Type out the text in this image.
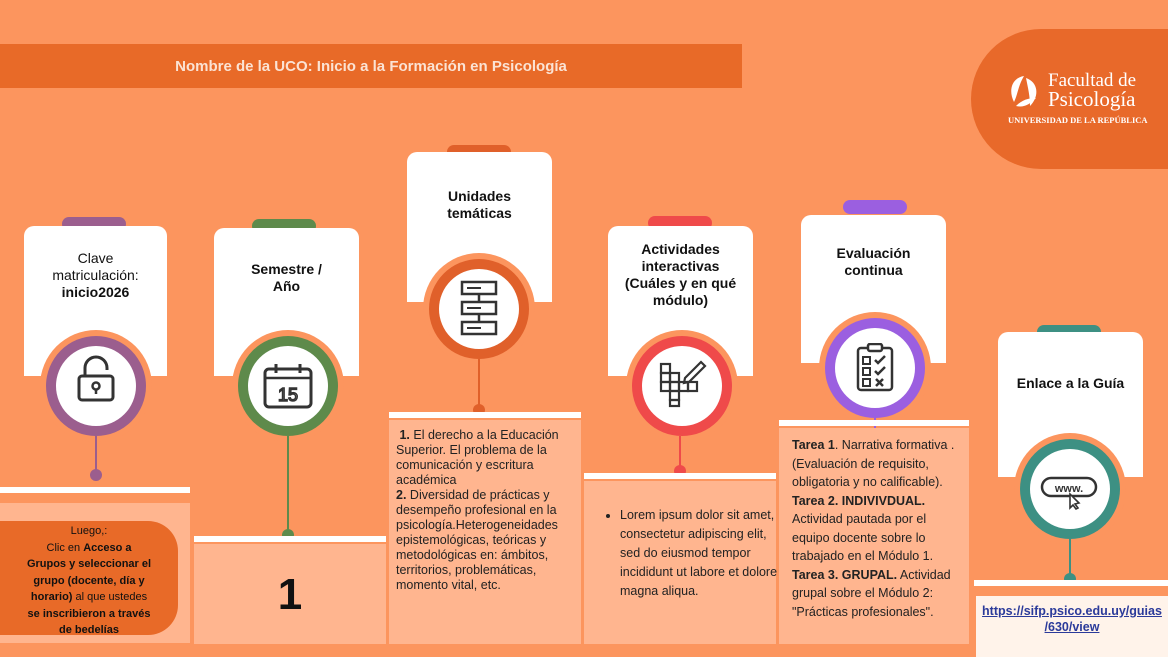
Nombre de la UCO: Inicio a la Formación en Psicología
Facultad de
Psicología
UNIVERSIDAD DE LA REPÚBLICA
Clave
matriculación:
inicio2026
Luego,:
Clic en Acceso a
Grupos y seleccionar el
grupo (docente, día y
horario) al que ustedes
se inscribieron a través
de bedelías
Semestre /
Año
15
1
Unidades
temáticas
1. El derecho a la Educación Superior. El problema de la comunicación y escritura académica
2. Diversidad de prácticas y desempeño profesional en la psicología.Heterogeneidades epistemológicas, teóricas y metodológicas en: ámbitos, territorios, problemáticas, momento vital, etc.
Actividades
interactivas
(Cuáles y en qué
módulo)
• Lorem ipsum dolor sit amet, consectetur adipiscing elit, sed do eiusmod tempor incididunt ut labore et dolore magna aliqua.
Evaluación
continua
Tarea 1. Narrativa formativa . (Evaluación de requisito, obligatoria y no calificable).
Tarea 2. INDIVIVDUAL. Actividad pautada por el equipo docente sobre lo trabajado en el Módulo 1.
Tarea 3. GRUPAL. Actividad grupal sobre el Módulo 2: "Prácticas profesionales".
Enlace a la Guía
www.
https://sifp.psico.edu.uy/guias
/630/view
